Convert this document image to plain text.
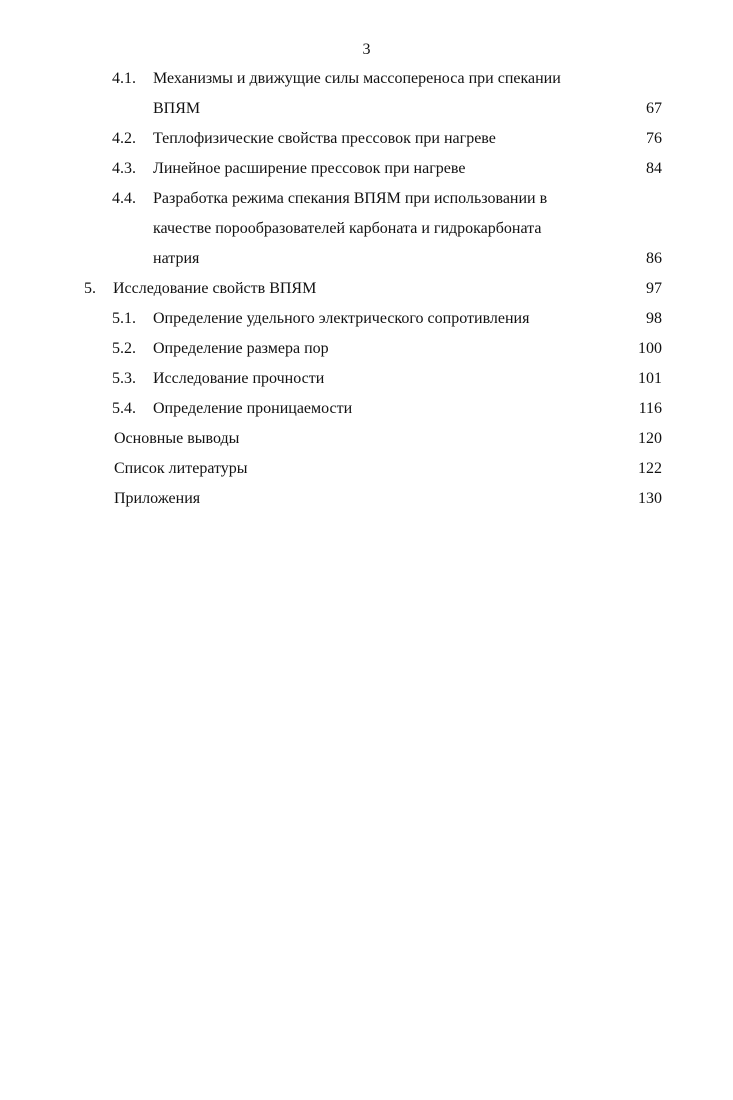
3
4.1. Механизмы и движущие силы массопереноса при спекании
ВПЯМ	67
4.2. Теплофизические свойства прессовок при нагреве	76
4.3. Линейное расширение прессовок при нагреве	84
4.4. Разработка режима спекания ВПЯМ при использовании в
качестве порообразователей карбоната и гидрокарбоната
натрия	86
5. Исследование свойств ВПЯМ	97
5.1. Определение удельного электрического сопротивления	98
5.2. Определение размера пор	100
5.3. Исследование прочности	101
5.4. Определение проницаемости	116
Основные выводы	120
Список литературы	122
Приложения	130
